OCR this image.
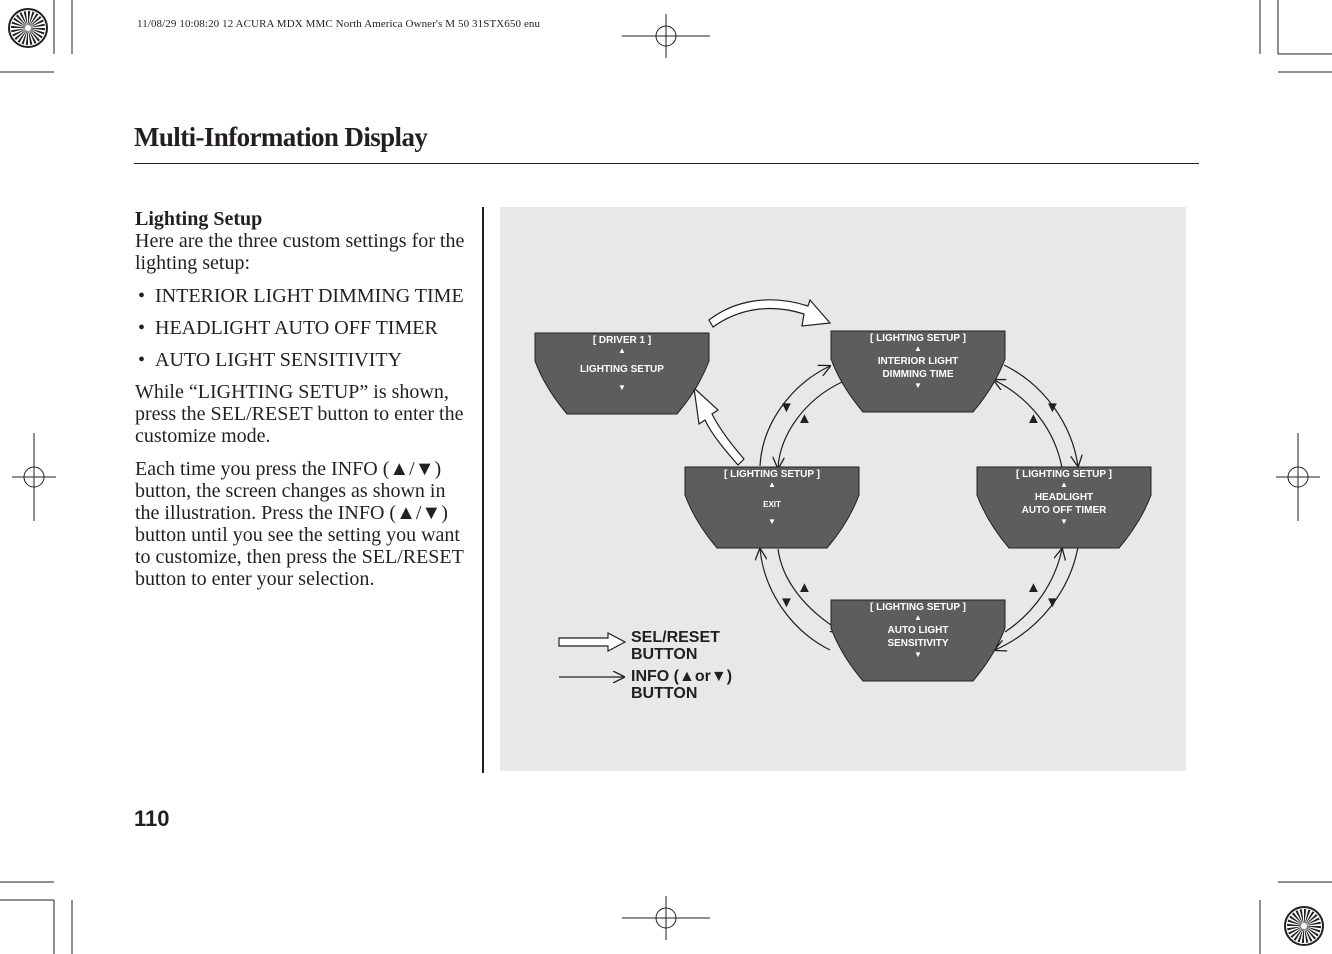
11/08/29 10:08:20 12 ACURA MDX MMC North America Owner's M 50 31STX650 enu
Multi-Information Display

Lighting Setup
Here are the three custom settings for the lighting setup:

• INTERIOR LIGHT DIMMING TIME
• HEADLIGHT AUTO OFF TIMER
• AUTO LIGHT SENSITIVITY

While “LIGHTING SETUP” is shown, press the SEL/RESET button to enter the customize mode.

Each time you press the INFO (▲/▼) button, the screen changes as shown in the illustration. Press the INFO (▲/▼) button until you see the setting you want to customize, then press the SEL/RESET button to enter your selection.

▼
▲	▲
▼
▲
▼
▲
▼
[ DRIVER 1 ]
▲
LIGHTING SETUP
▼
[ LIGHTING SETUP ]
▲
INTERIOR LIGHT
DIMMING TIME
▼
[ LIGHTING SETUP ]
▲
EXIT
▼
[ LIGHTING SETUP ]
▲
HEADLIGHT
AUTO OFF TIMER
▼
[ LIGHTING SETUP ]
▲
AUTO LIGHT
SENSITIVITY
▼
SEL/RESET
BUTTON
INFO (▲or▼)
BUTTON
110
